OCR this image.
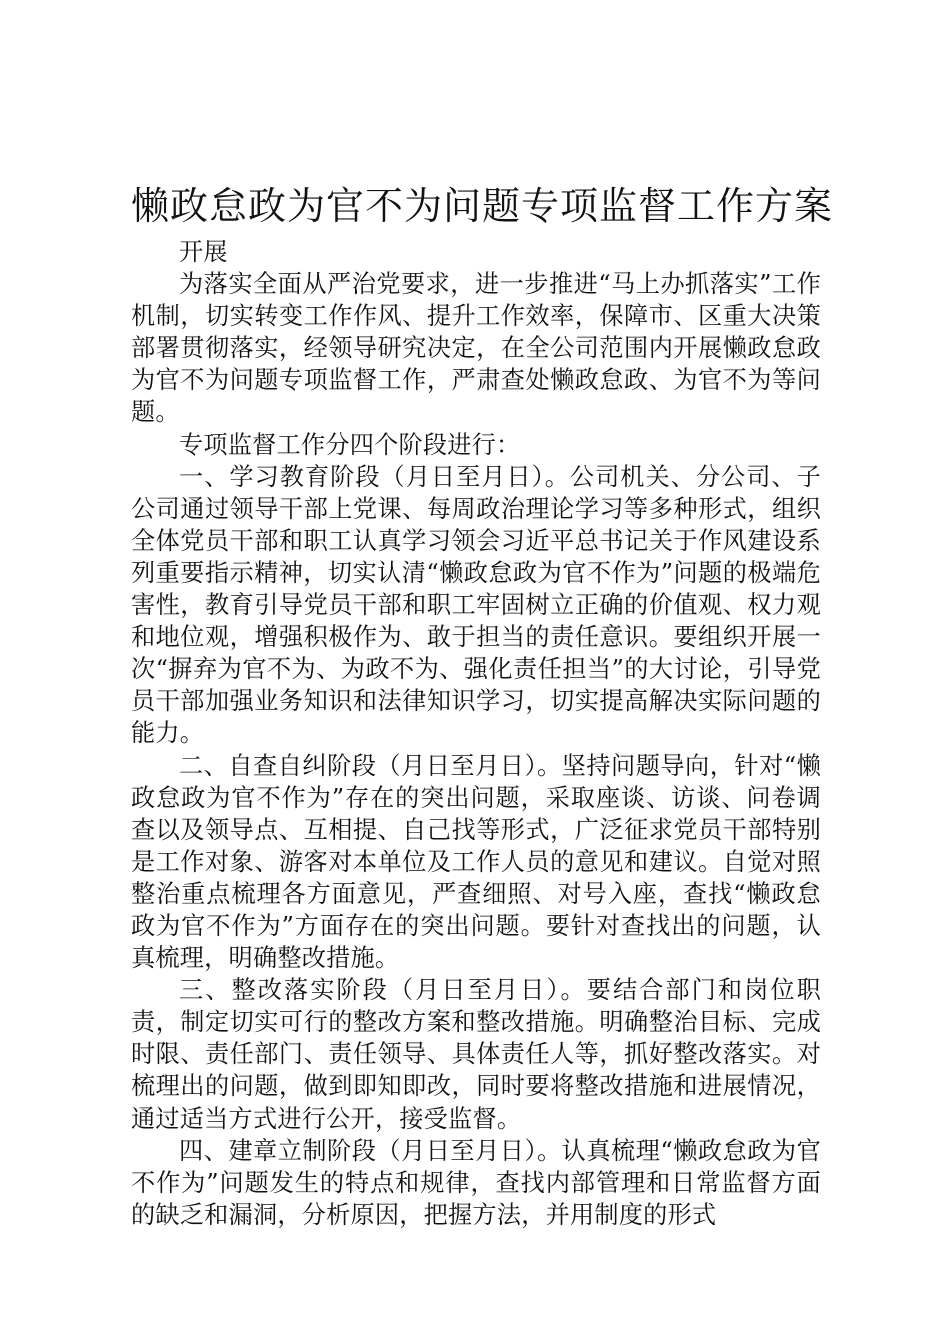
懒政怠政为官不为问题专项监督工作方案

开展

为落实全面从严治党要求，进一步推进“马上办抓落实”工作机制，切实转变工作作风、提升工作效率，保障市、区重大决策部署贯彻落实，经领导研究决定，在全公司范围内开展懒政怠政为官不为问题专项监督工作，严肃查处懒政怠政、为官不为等问题。

专项监督工作分四个阶段进行：

一、学习教育阶段（月日至月日）。公司机关、分公司、子公司通过领导干部上党课、每周政治理论学习等多种形式，组织全体党员干部和职工认真学习领会习近平总书记关于作风建设系列重要指示精神，切实认清“懒政怠政为官不作为”问题的极端危害性，教育引导党员干部和职工牢固树立正确的价值观、权力观和地位观，增强积极作为、敢于担当的责任意识。要组织开展一次“摒弃为官不为、为政不为、强化责任担当”的大讨论，引导党员干部加强业务知识和法律知识学习，切实提高解决实际问题的能力。

二、自查自纠阶段（月日至月日）。坚持问题导向，针对“懒政怠政为官不作为”存在的突出问题，采取座谈、访谈、问卷调查以及领导点、互相提、自己找等形式，广泛征求党员干部特别是工作对象、游客对本单位及工作人员的意见和建议。自觉对照整治重点梳理各方面意见，严查细照、对号入座，查找“懒政怠政为官不作为”方面存在的突出问题。要针对查找出的问题，认真梳理，明确整改措施。

三、整改落实阶段（月日至月日）。要结合部门和岗位职责，制定切实可行的整改方案和整改措施。明确整治目标、完成时限、责任部门、责任领导、具体责任人等，抓好整改落实。对梳理出的问题，做到即知即改，同时要将整改措施和进展情况，通过适当方式进行公开，接受监督。

四、建章立制阶段（月日至月日）。认真梳理“懒政怠政为官不作为”问题发生的特点和规律，查找内部管理和日常监督方面的缺乏和漏洞，分析原因，把握方法，并用制度的形式
